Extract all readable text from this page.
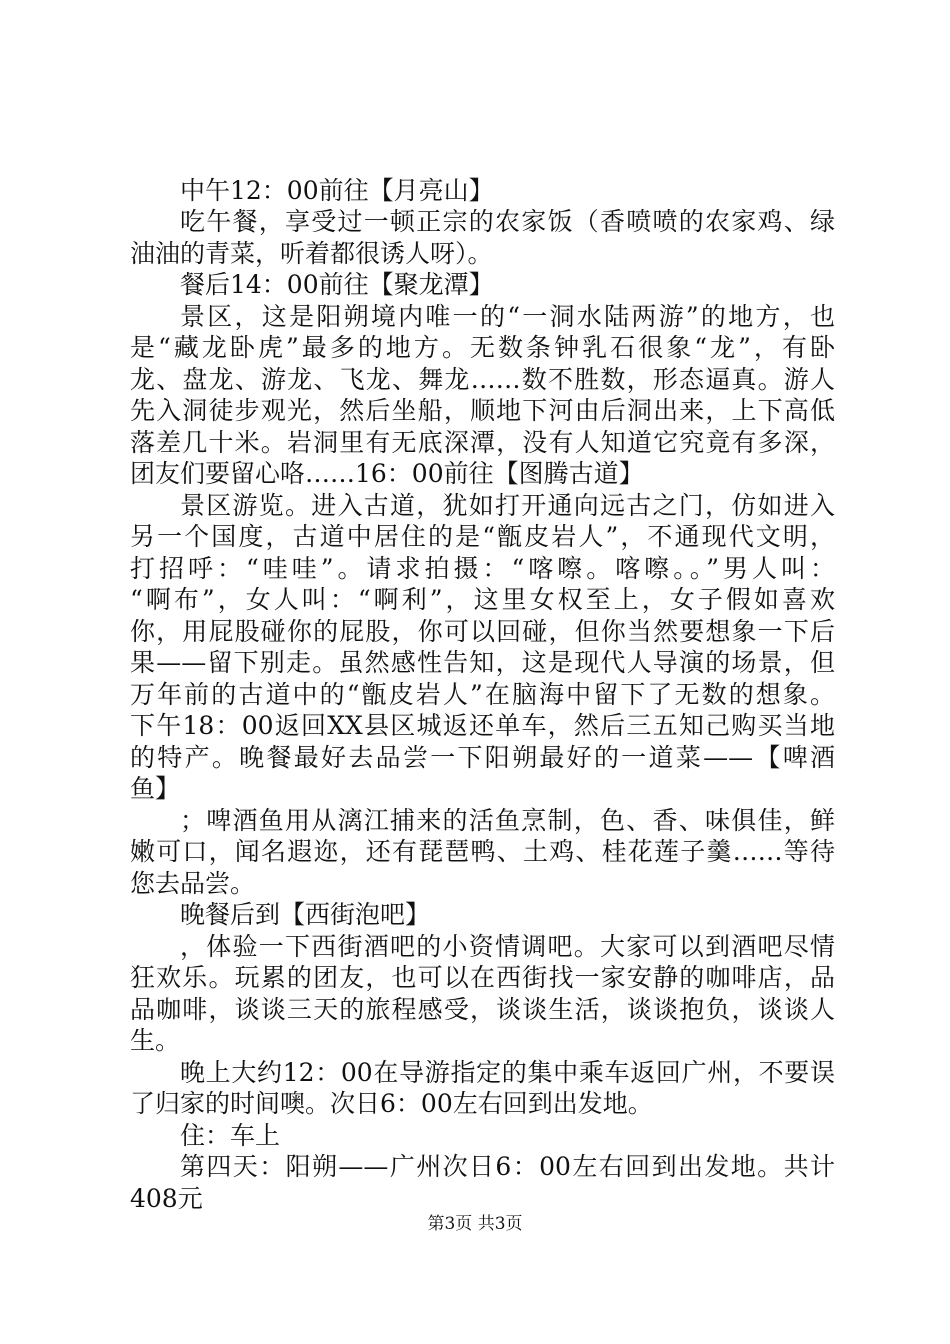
中午12：00前往【月亮山】
吃午餐，享受过一顿正宗的农家饭（香喷喷的农家鸡、绿
油油的青菜，听着都很诱人呀）。
餐后14：00前往【聚龙潭】
景区，这是阳朔境内唯一的“一洞水陆两游”的地方，也
是“藏龙卧虎”最多的地方。无数条钟乳石很象“龙”，有卧
龙、盘龙、游龙、飞龙、舞龙……数不胜数，形态逼真。游人
先入洞徒步观光，然后坐船，顺地下河由后洞出来，上下高低
落差几十米。岩洞里有无底深潭，没有人知道它究竟有多深，
团友们要留心咯……16：00前往【图腾古道】
景区游览。进入古道，犹如打开通向远古之门，仿如进入
另一个国度，古道中居住的是“甑皮岩人”，不通现代文明，
打招呼：“哇哇”。请求拍摄：“喀嚓。喀嚓。。”男人叫：
“啊布”，女人叫：“啊利”，这里女权至上，女子假如喜欢
你，用屁股碰你的屁股，你可以回碰，但你当然要想象一下后
果——留下别走。虽然感性告知，这是现代人导演的场景，但
万年前的古道中的“甑皮岩人”在脑海中留下了无数的想象。
下午18：00返回XX县区城返还单车，然后三五知己购买当地
的特产。晚餐最好去品尝一下阳朔最好的一道菜——【啤酒
鱼】
；啤酒鱼用从漓江捕来的活鱼烹制，色、香、味俱佳，鲜
嫩可口，闻名遐迩，还有琵琶鸭、土鸡、桂花莲子羹……等待
您去品尝。
晚餐后到【西街泡吧】
，体验一下西街酒吧的小资情调吧。大家可以到酒吧尽情
狂欢乐。玩累的团友，也可以在西街找一家安静的咖啡店，品
品咖啡，谈谈三天的旅程感受，谈谈生活，谈谈抱负，谈谈人
生。
晚上大约12：00在导游指定的集中乘车返回广州，不要误
了归家的时间噢。次日6：00左右回到出发地。
住：车上
第四天：阳朔——广州次日6：00左右回到出发地。共计
408元
第3页 共3页
